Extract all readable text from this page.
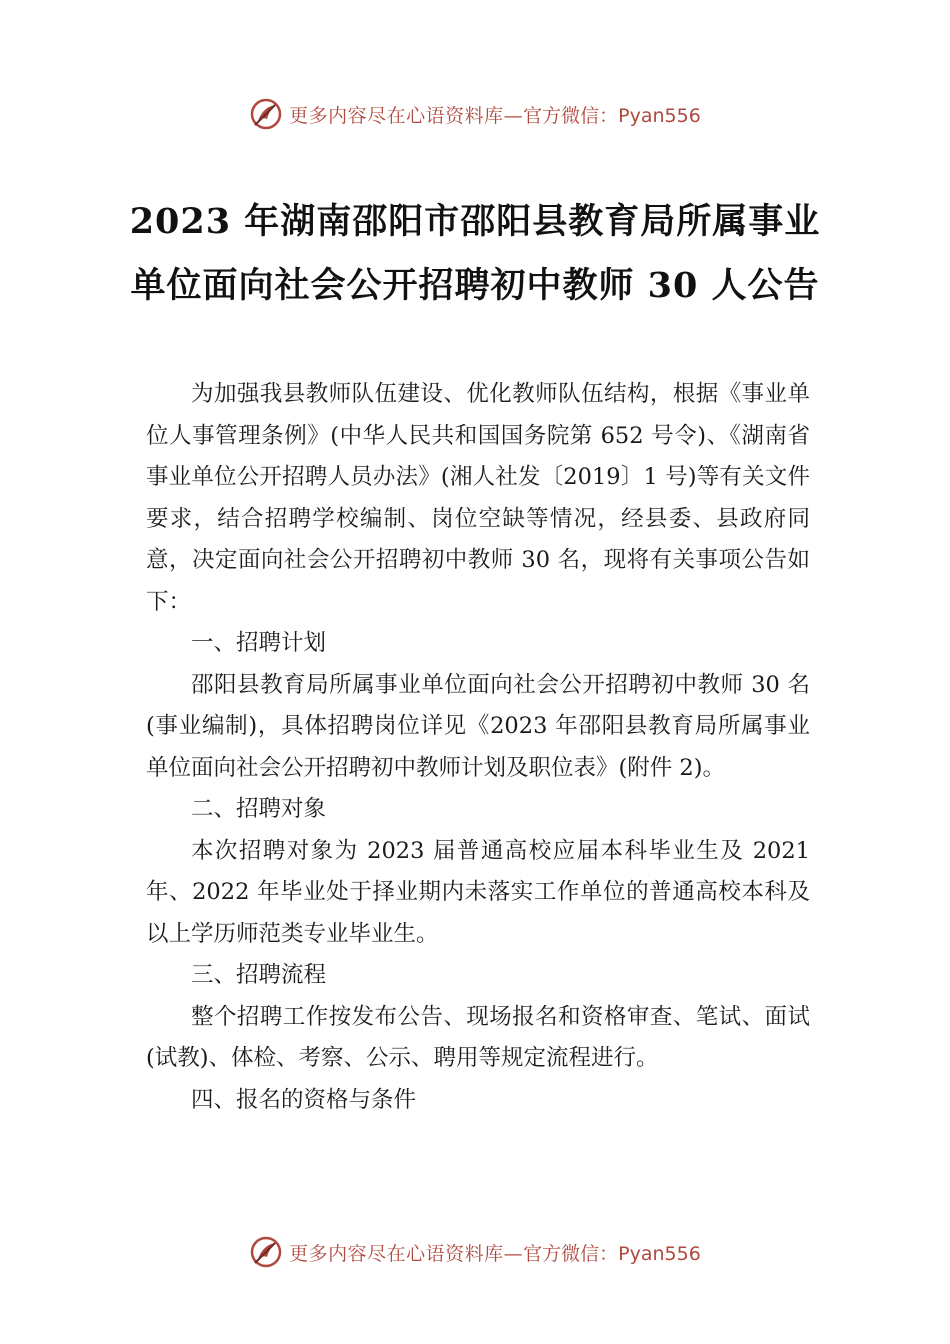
更多内容尽在心语资料库— 官方微信：Pyan556
2023 年湖南邵阳市邵阳县教育局所属事业
单位面向社会公开招聘初中教师 30 人公告

为加强我县教师队伍建设、优化教师队伍结构，根据《事业单位人事管理条例》(中华人民共和国国务院第 652 号令)、《湖南省事业单位公开招聘人员办法》(湘人社发〔2019〕1 号)等有关文件要求，结合招聘学校编制、岗位空缺等情况，经县委、县政府同意，决定面向社会公开招聘初中教师 30 名，现将有关事项公告如下：

一、招聘计划

邵阳县教育局所属事业单位面向社会公开招聘初中教师 30 名(事业编制)，具体招聘岗位详见《2023 年邵阳县教育局所属事业单位面向社会公开招聘初中教师计划及职位表》(附件 2)。

二、招聘对象

本次招聘对象为 2023 届普通高校应届本科毕业生及 2021 年、2022 年毕业处于择业期内未落实工作单位的普通高校本科及以上学历师范类专业毕业生。

三、招聘流程

整个招聘工作按发布公告、现场报名和资格审查、笔试、面试(试教)、体检、考察、公示、聘用等规定流程进行。

四、报名的资格与条件

更多内容尽在心语资料库— 官方微信：Pyan556
